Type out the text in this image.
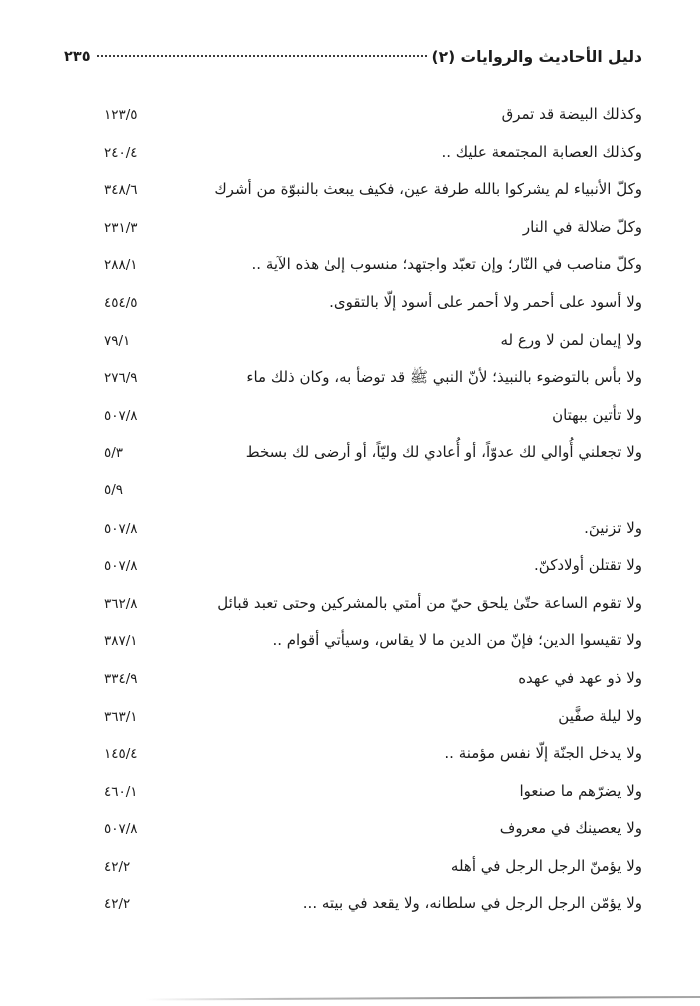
دليل الأحاديث والروايات (٢)
٢٣٥
وكذلك البيضة قد تمرق
١٢٣/٥
وكذلك العصابة المجتمعة عليك ..
٢٤٠/٤
وكلّ الأنبياء لم يشركوا بالله طرفة عين، فكيف يبعث بالنبوّة من أشرك
٣٤٨/٦
وكلّ ضلالة في النار
٢٣١/٣
وكلّ مناصب في النّار؛ وإن تعبّد واجتهد؛ منسوب إلىٰ هذه الآية ..
٢٨٨/١
ولا أسود على أحمر ولا أحمر على أسود إلّا بالتقوى.
٤٥٤/٥
ولا إيمان لمن لا ورع له
٧٩/١
ولا بأس بالتوضوء بالنبيذ؛ لأنّ النبي ﷺ قد توضأ به، وكان ذلك ماء
٢٧٦/٩
ولا تأتين ببهتان
٥٠٧/٨
ولا تجعلني أُوالي لك عدوّاً، أو أُعادي لك وليّاً، أو أرضى لك بسخط
٥/٣
٥/٩
ولا تزنينَ.
٥٠٧/٨
ولا تقتلن أولادكنّ.
٥٠٧/٨
ولا تقوم الساعة حتّىٰ يلحق حيّ من أمتي بالمشركين وحتى تعبد قبائل
٣٦٢/٨
ولا تقيسوا الدين؛ فإنّ من الدين ما لا يقاس، وسيأتي أقوام ..
٣٨٧/١
ولا ذو عهد في عهده
٣٣٤/٩
ولا ليلة صفَّين
٣٦٣/١
ولا يدخل الجنّة إلّا نفس مؤمنة ..
١٤٥/٤
ولا يضرّهم ما صنعوا
٤٦٠/١
ولا يعصينك في معروف
٥٠٧/٨
ولا يؤمنّ الرجل الرجل في أهله
٤٢/٢
ولا يؤمّن الرجل الرجل في سلطانه، ولا يقعد في بيته ...
٤٢/٢
